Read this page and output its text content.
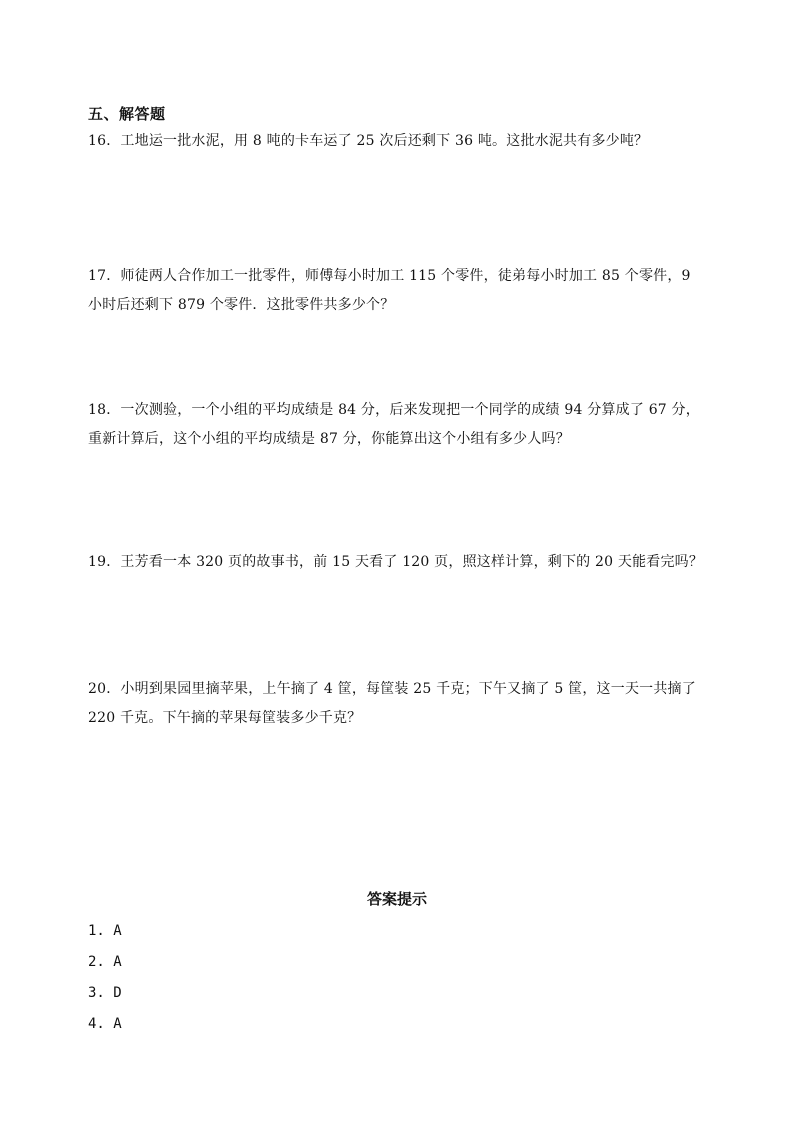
五、解答题
16．工地运一批水泥，用 8 吨的卡车运了 25 次后还剩下 36 吨。这批水泥共有多少吨？
17．师徒两人合作加工一批零件，师傅每小时加工 115 个零件，徒弟每小时加工 85 个零件，9 小时后还剩下 879 个零件．这批零件共多少个？
18．一次测验，一个小组的平均成绩是 84 分，后来发现把一个同学的成绩 94 分算成了 67 分，重新计算后，这个小组的平均成绩是 87 分，你能算出这个小组有多少人吗？
19．王芳看一本 320 页的故事书，前 15 天看了 120 页，照这样计算，剩下的 20 天能看完吗？
20．小明到果园里摘苹果，上午摘了 4 筐，每筐装 25 千克；下午又摘了 5 筐，这一天一共摘了 220 千克。下午摘的苹果每筐装多少千克？
答案提示
1. A
2. A
3. D
4. A
